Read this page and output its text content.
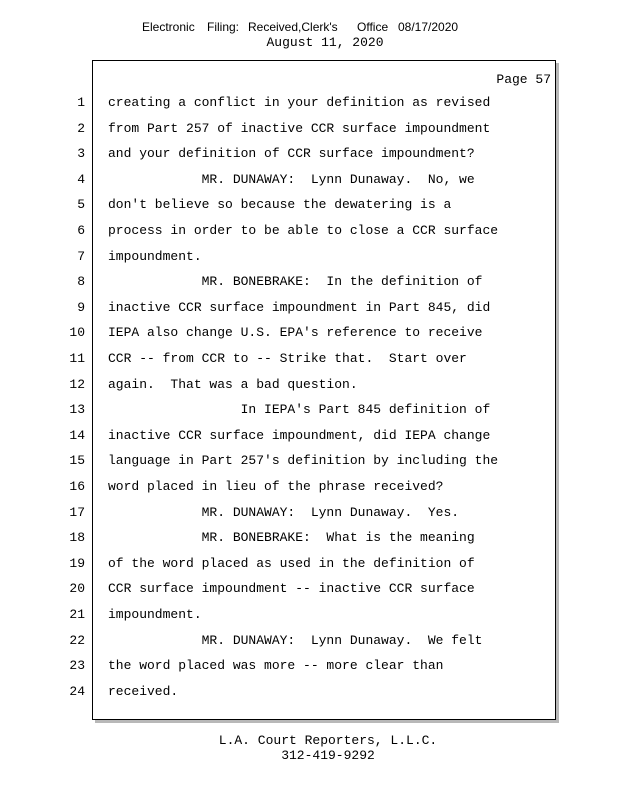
Electronic Filing: Received,Clerk's Office 08/17/2020
August 11, 2020
Page 57
1 creating a conflict in your definition as revised
2 from Part 257 of inactive CCR surface impoundment
3 and your definition of CCR surface impoundment?
4 MR. DUNAWAY:  Lynn Dunaway.  No, we
5 don't believe so because the dewatering is a
6 process in order to be able to close a CCR surface
7 impoundment.
8 MR. BONEBRAKE:  In the definition of
9 inactive CCR surface impoundment in Part 845, did
10 IEPA also change U.S. EPA's reference to receive
11 CCR -- from CCR to -- Strike that.  Start over
12 again.  That was a bad question.
13 In IEPA's Part 845 definition of
14 inactive CCR surface impoundment, did IEPA change
15 language in Part 257's definition by including the
16 word placed in lieu of the phrase received?
17 MR. DUNAWAY:  Lynn Dunaway.  Yes.
18 MR. BONEBRAKE:  What is the meaning
19 of the word placed as used in the definition of
20 CCR surface impoundment -- inactive CCR surface
21 impoundment.
22 MR. DUNAWAY:  Lynn Dunaway.  We felt
23 the word placed was more -- more clear than
24 received.
L.A. Court Reporters, L.L.C.
312-419-9292
